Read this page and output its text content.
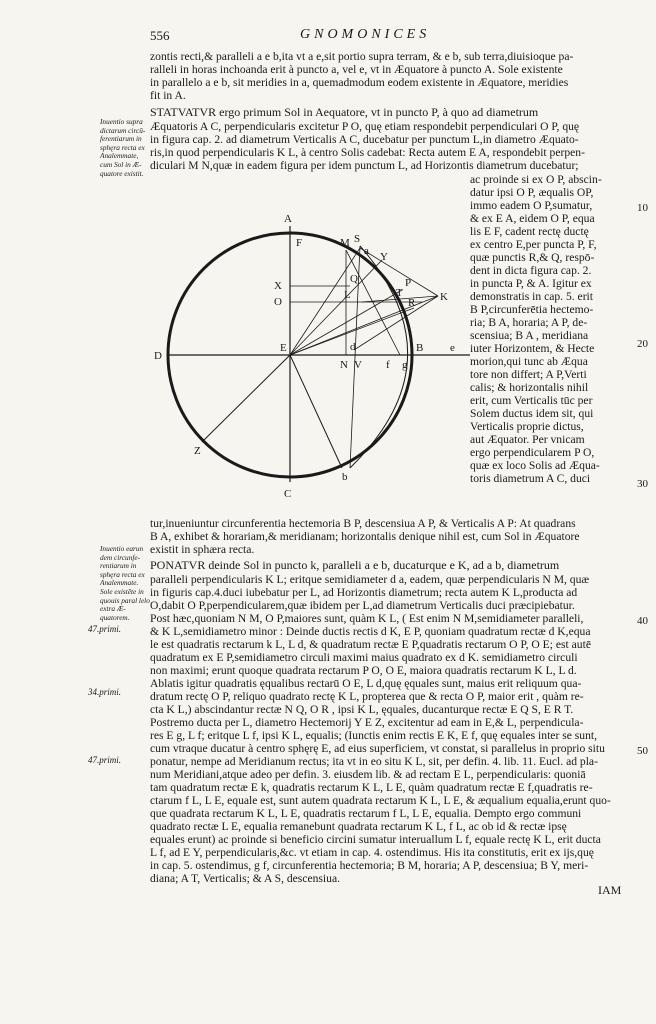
556	GNOMONICES
zontis recti,& paralleli a e b,ita vt a e,sit portio supra terram, & e b, sub terra,diuisioque pa-
ralleli in horas inchoanda erit à puncto a, vel e, vt in Æquatore à puncto A. Sole existente
in parallelo a e b, sit meridies in a, quemadmodum eodem existente in Æquatore, meridies
fit in A.
STATVATVR ergo primum Sol in Aequatore, vt in puncto P, à quo ad diametrum
Æquatoris A C, perpendicularis excitetur P O, quę etiam respondebit perpendiculari O P, quę
in figura cap. 2. ad diametrum Verticalis A C, ducebatur per punctum L,in diametro Æquato-
ris,in quod perpendicularis K L, à centro Solis cadebat: Recta autem E A, respondebit perpen-
diculari M N,quæ in eadem figura per idem punctum L, ad Horizontis diametrum ducebatur;
ac proinde si ex O P, abscin-
datur ipsi O P, æqualis OP,
immo eadem O P,sumatur,
& ex E A, eidem O P, equa
lis E F, cadent rectę ductę
ex centro E,per puncta P, F,
quæ punctis R,& Q, respō-
dent in dicta figura cap. 2.
in puncta P, & A. Igitur ex
demonstratis in cap. 5. erit
B P,circunferētia hectemo-
ria; B A, horaria; A P, de-
scensiua; B A , meridiana
iuter Horizontem, & Hecte
morion,qui tunc ab Æqua
tore non differt; A P,Verti
calis; & horizontalis nihil
erit, cum Verticalis tūc per
Solem ductus idem sit, qui
Verticalis proprie dictus,
aut Æquator. Per vnicam
ergo perpendicularem P O,
quæ ex loco Solis ad Æqua-
toris diametrum A C, duci
tur,inueniuntur circunferentia hectemoria B P, descensiua A P, & Verticalis A P: At quadrans
B A, exhibet & horariam,& meridianam; horizontalis denique nihil est, cum Sol in Æquatore
existit in sphæra recta.
PONATVR deinde Sol in puncto k, paralleli a e b, ducaturque e K, ad a b, diametrum
paralleli perpendicularis K L; eritque semidiameter d a, eadem, quæ perpendicularis N M, quæ
in figuris cap.4.duci iubebatur per L, ad Horizontis diametrum; recta autem K L,producta ad
O,dabit O P,perpendicularem,quæ ibidem per L,ad diametrum Verticalis duci præcipiebatur.
Post hæc,quoniam N M, O P,maiores sunt, quàm K L, ( Est enim N M,semidiameter paralleli,
& K L,semidiametro minor : Deinde ductis rectis d K, E P, quoniam quadratum rectæ d K,equa
le est quadratis rectarum k L, L d, & quadratum rectæ E P,quadratis rectarum O P, O E; est autē
quadratum ex E P,semidiametro circuli maximi maius quadrato ex d K. semidiametro circuli
non maximi; erunt quoque quadrata rectarum P O, O E, maiora quadratis rectarum K L, L d.
Ablatis igitur quadratis ęqualibus rectarū O E, L d,quę ęquales sunt, maius erit reliquum qua-
dratum rectę O P, reliquo quadrato rectę K L, propterea que & recta O P, maior erit , quàm re-
cta K L,) abscindantur rectæ N Q, O R , ipsi K L, ęquales, ducanturque rectæ E Q S, E R T.
Postremo ducta per L, diametro Hectemorij Y E Z, excitentur ad eam in E,& L, perpendicula-
res E g, L f; eritque L f, ipsi K L, equalis; (Iunctis enim rectis E K, E f, quę equales inter se sunt,
cum vtraque ducatur à centro sphęrę E, ad eius superficiem, vt constat, si parallelus in proprio situ
ponatur, nempe ad Meridianum rectus; ita vt in eo situ K L, sit, per defin. 4. lib. 11. Eucl. ad pla-
num Meridiani,atque adeo per defin. 3. eiusdem lib. & ad rectam E L, perpendicularis: quoniā
tam quadratum rectæ E k, quadratis rectarum K L, L E, quàm quadratum rectæ E f,quadratis re-
ctarum f L, L E, equale est, sunt autem quadrata rectarum K L, L E, & æqualium equalia,erunt quo-
que quadrata rectarum K L, L E, quadratis rectarum f L, L E, equalia. Dempto ergo communi
quadrato rectæ L E, equalia remanebunt quadrata rectarum K L, f L, ac ob id & rectæ ipsę
equales erunt) ac proinde si beneficio circini sumatur interuallum L f, equale rectę K L, erit ducta
L f, ad E Y, perpendicularis,&c. vt etiam in cap. 4. ostendimus. His ita constitutis, erit ex ijs,quę
in cap. 5. ostendimus, g f, circunferentia hectemoria; B M, horaria; A P, descensiua; B Y, meri-
diana; A T, Verticalis; & A S, descensiua.
Inuentio supra dictarum circū-ferentiarum in sphęra recta ex Analemmate, cum Sol in Æ-quatore existit.
Inuentio earun dem circunfe-rentiarum in sphęra recta ex Analemmate. Sole existēte in quouis paral lelo extra Æ-quatorem.
47.primi.
34.primi.
47.primi.
10
20
30
40
50
IAM
A
C
D
E	B e
F
X
O
M S
Y
K
L
P
R
T
Q
d
N V
Z
a
b
f g
